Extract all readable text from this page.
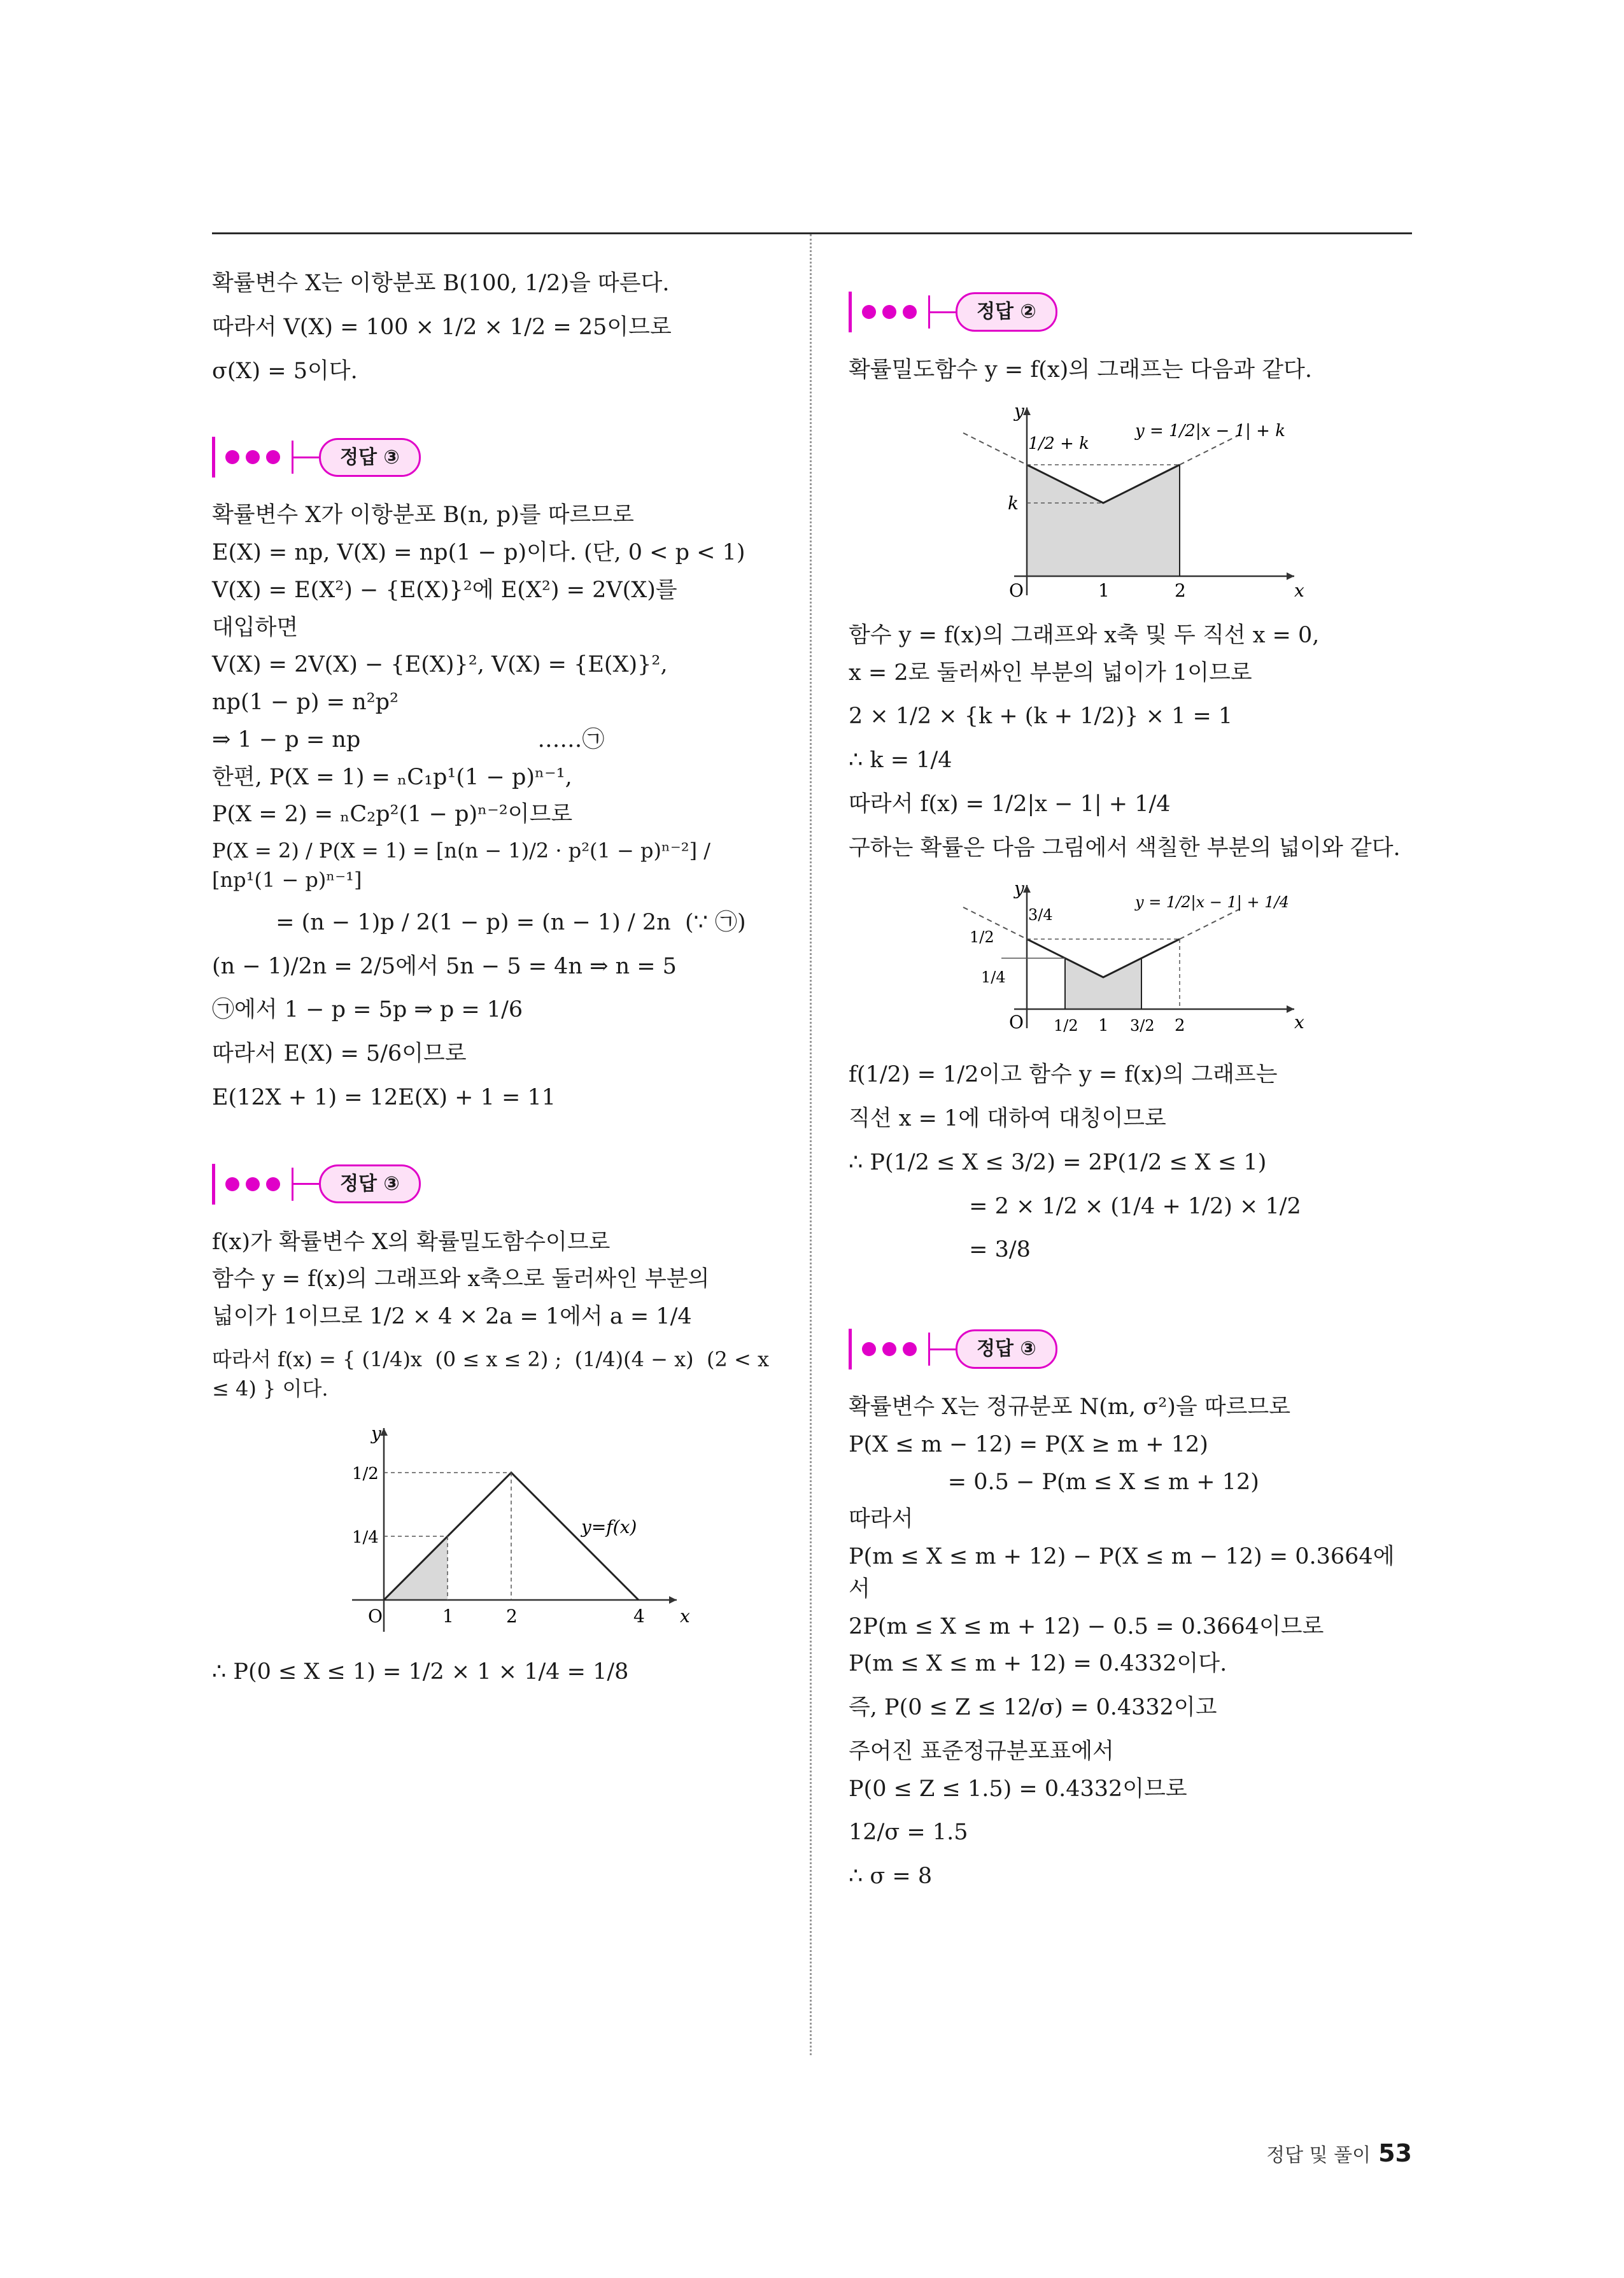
확률변수 X는 이항분포 B(100, 1/2)을 따른다.
따라서 V(X) = 100 × 1/2 × 1/2 = 25이므로
σ(X) = 5이다.
정답 ③
확률변수 X가 이항분포 B(n, p)를 따르므로
E(X) = np, V(X) = np(1 − p)이다. (단, 0 < p < 1)
V(X) = E(X²) − {E(X)}²에 E(X²) = 2V(X)를
대입하면
V(X) = 2V(X) − {E(X)}², V(X) = {E(X)}²,
np(1 − p) = n²p²
⇒ 1 − p = np                         ……㉠
한편, P(X = 1) = ₙC₁p¹(1 − p)ⁿ⁻¹,
P(X = 2) = ₙC₂p²(1 − p)ⁿ⁻²이므로
P(X = 2) / P(X = 1) = [n(n − 1)/2 · p²(1 − p)ⁿ⁻²] / [np¹(1 − p)ⁿ⁻¹]
= (n − 1)p / 2(1 − p) = (n − 1) / 2n  (∵ ㉠)
(n − 1)/2n = 2/5에서 5n − 5 = 4n ⇒ n = 5
㉠에서 1 − p = 5p ⇒ p = 1/6
따라서 E(X) = 5/6이므로
E(12X + 1) = 12E(X) + 1 = 11
정답 ③
f(x)가 확률변수 X의 확률밀도함수이므로
함수 y = f(x)의 그래프와 x축으로 둘러싸인 부분의
넓이가 1이므로 1/2 × 4 × 2a = 1에서 a = 1/4
따라서 f(x) = { (1/4)x  (0 ≤ x ≤ 2) ;  (1/4)(4 − x)  (2 < x ≤ 4) } 이다.
y
x
O
1/2
1/4
1	2	4
y=f(x)
∴ P(0 ≤ X ≤ 1) = 1/2 × 1 × 1/4 = 1/8
정답 ②
확률밀도함수 y = f(x)의 그래프는 다음과 같다.
y
x
O
1/2 + k
k
1	2
y = 1/2|x − 1| + k
함수 y = f(x)의 그래프와 x축 및 두 직선 x = 0,
x = 2로 둘러싸인 부분의 넓이가 1이므로
2 × 1/2 × {k + (k + 1/2)} × 1 = 1
∴ k = 1/4
따라서 f(x) = 1/2|x − 1| + 1/4
구하는 확률은 다음 그림에서 색칠한 부분의 넓이와 같다.
y
x
O
3/4
1/2
1/4
1/2 1 3/2 2
y = 1/2|x − 1| + 1/4
f(1/2) = 1/2이고 함수 y = f(x)의 그래프는
직선 x = 1에 대하여 대칭이므로
∴ P(1/2 ≤ X ≤ 3/2) = 2P(1/2 ≤ X ≤ 1)
= 2 × 1/2 × (1/4 + 1/2) × 1/2
= 3/8
정답 ③
확률변수 X는 정규분포 N(m, σ²)을 따르므로
P(X ≤ m − 12) = P(X ≥ m + 12)
= 0.5 − P(m ≤ X ≤ m + 12)
따라서
P(m ≤ X ≤ m + 12) − P(X ≤ m − 12) = 0.3664에서
2P(m ≤ X ≤ m + 12) − 0.5 = 0.3664이므로
P(m ≤ X ≤ m + 12) = 0.4332이다.
즉, P(0 ≤ Z ≤ 12/σ) = 0.4332이고
주어진 표준정규분포표에서
P(0 ≤ Z ≤ 1.5) = 0.4332이므로
12/σ = 1.5
∴ σ = 8
정답 및 풀이 53
